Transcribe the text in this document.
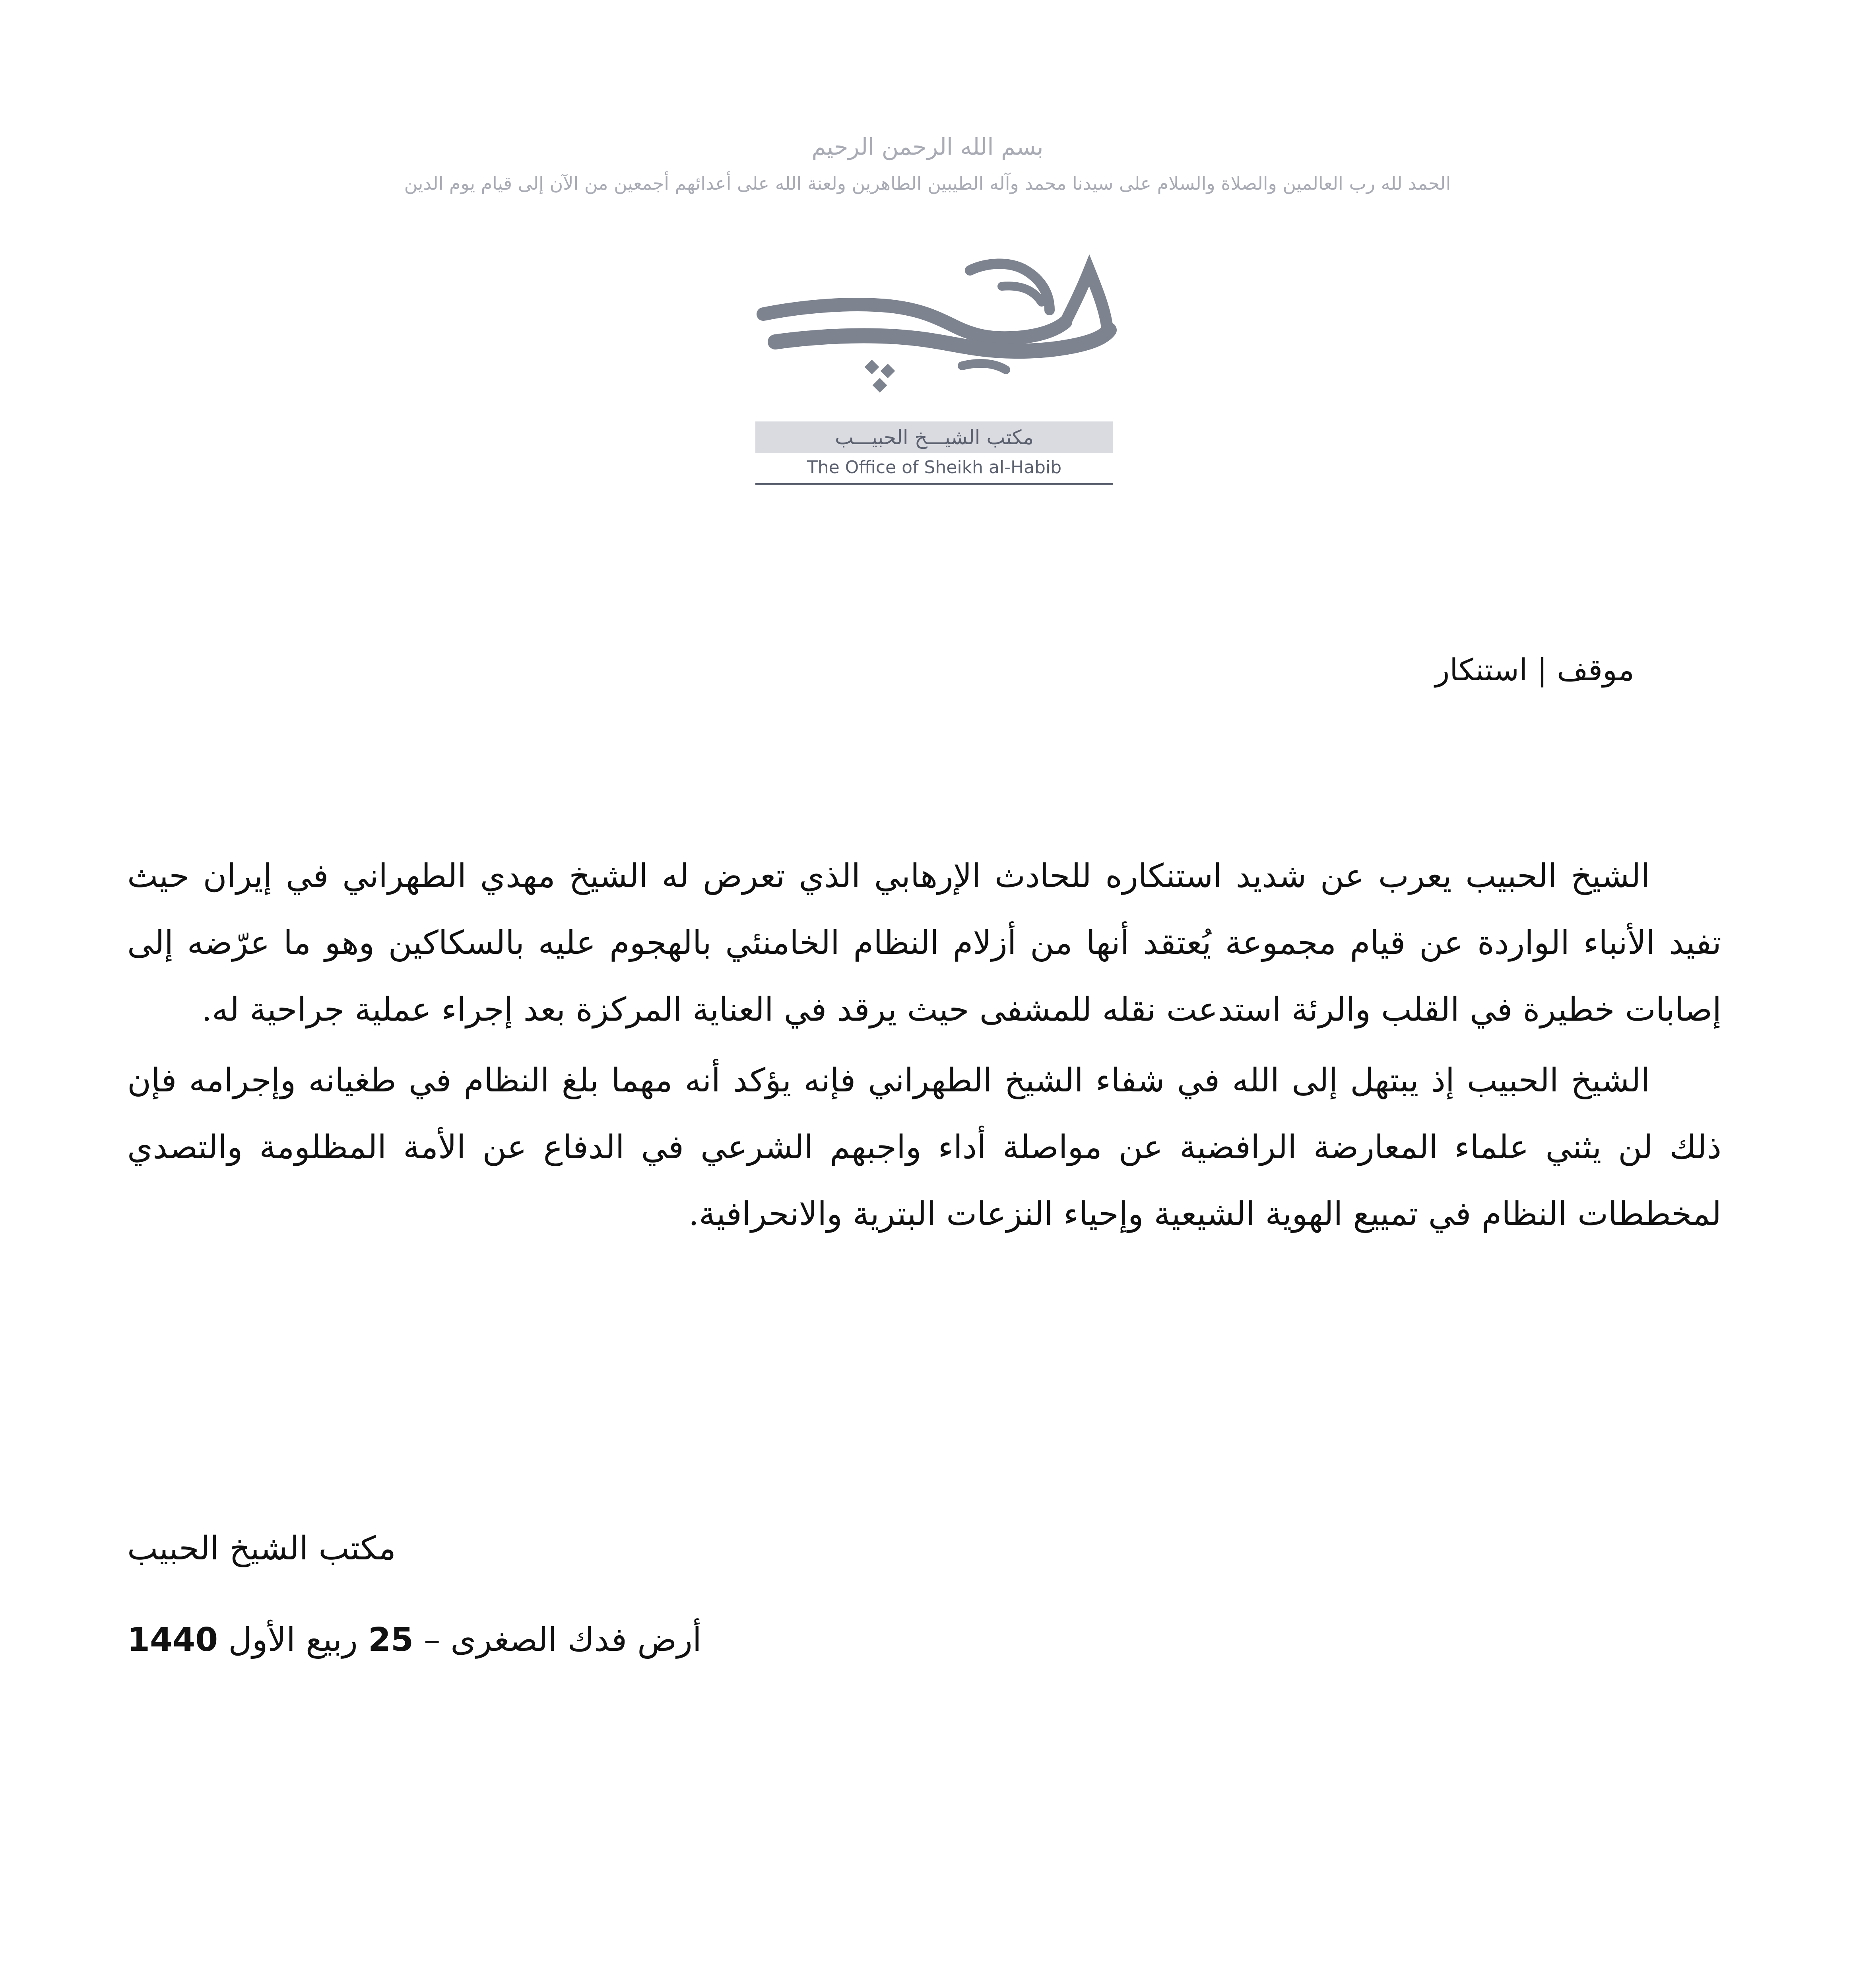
بسم الله الرحمن الرحيم
الحمد لله رب العالمين والصلاة والسلام على سيدنا محمد وآله الطيبين الطاهرين ولعنة الله على أعدائهم أجمعين من الآن إلى قيام يوم الدين
مكتب الشيـــخ الحبيـــب
The Office of Sheikh al-Habib
موقف | استنكار

الشيخ الحبيب يعرب عن شديد استنكاره للحادث الإرهابي الذي تعرض له الشيخ مهدي الطهراني في إيران حيث تفيد الأنباء الواردة عن قيام مجموعة يُعتقد أنها من أزلام النظام الخامنئي بالهجوم عليه بالسكاكين وهو ما عرّضه إلى إصابات خطيرة في القلب والرئة استدعت نقله للمشفى حيث يرقد في العناية المركزة بعد إجراء عملية جراحية له.

الشيخ الحبيب إذ يبتهل إلى الله في شفاء الشيخ الطهراني فإنه يؤكد أنه مهما بلغ النظام في طغيانه وإجرامه فإن ذلك لن يثني علماء المعارضة الرافضية عن مواصلة أداء واجبهم الشرعي في الدفاع عن الأمة المظلومة والتصدي لمخططات النظام في تمييع الهوية الشيعية وإحياء النزعات البترية والانحرافية.

مكتب الشيخ الحبيب
أرض فدك الصغرى – 25 ربيع الأول 1440
